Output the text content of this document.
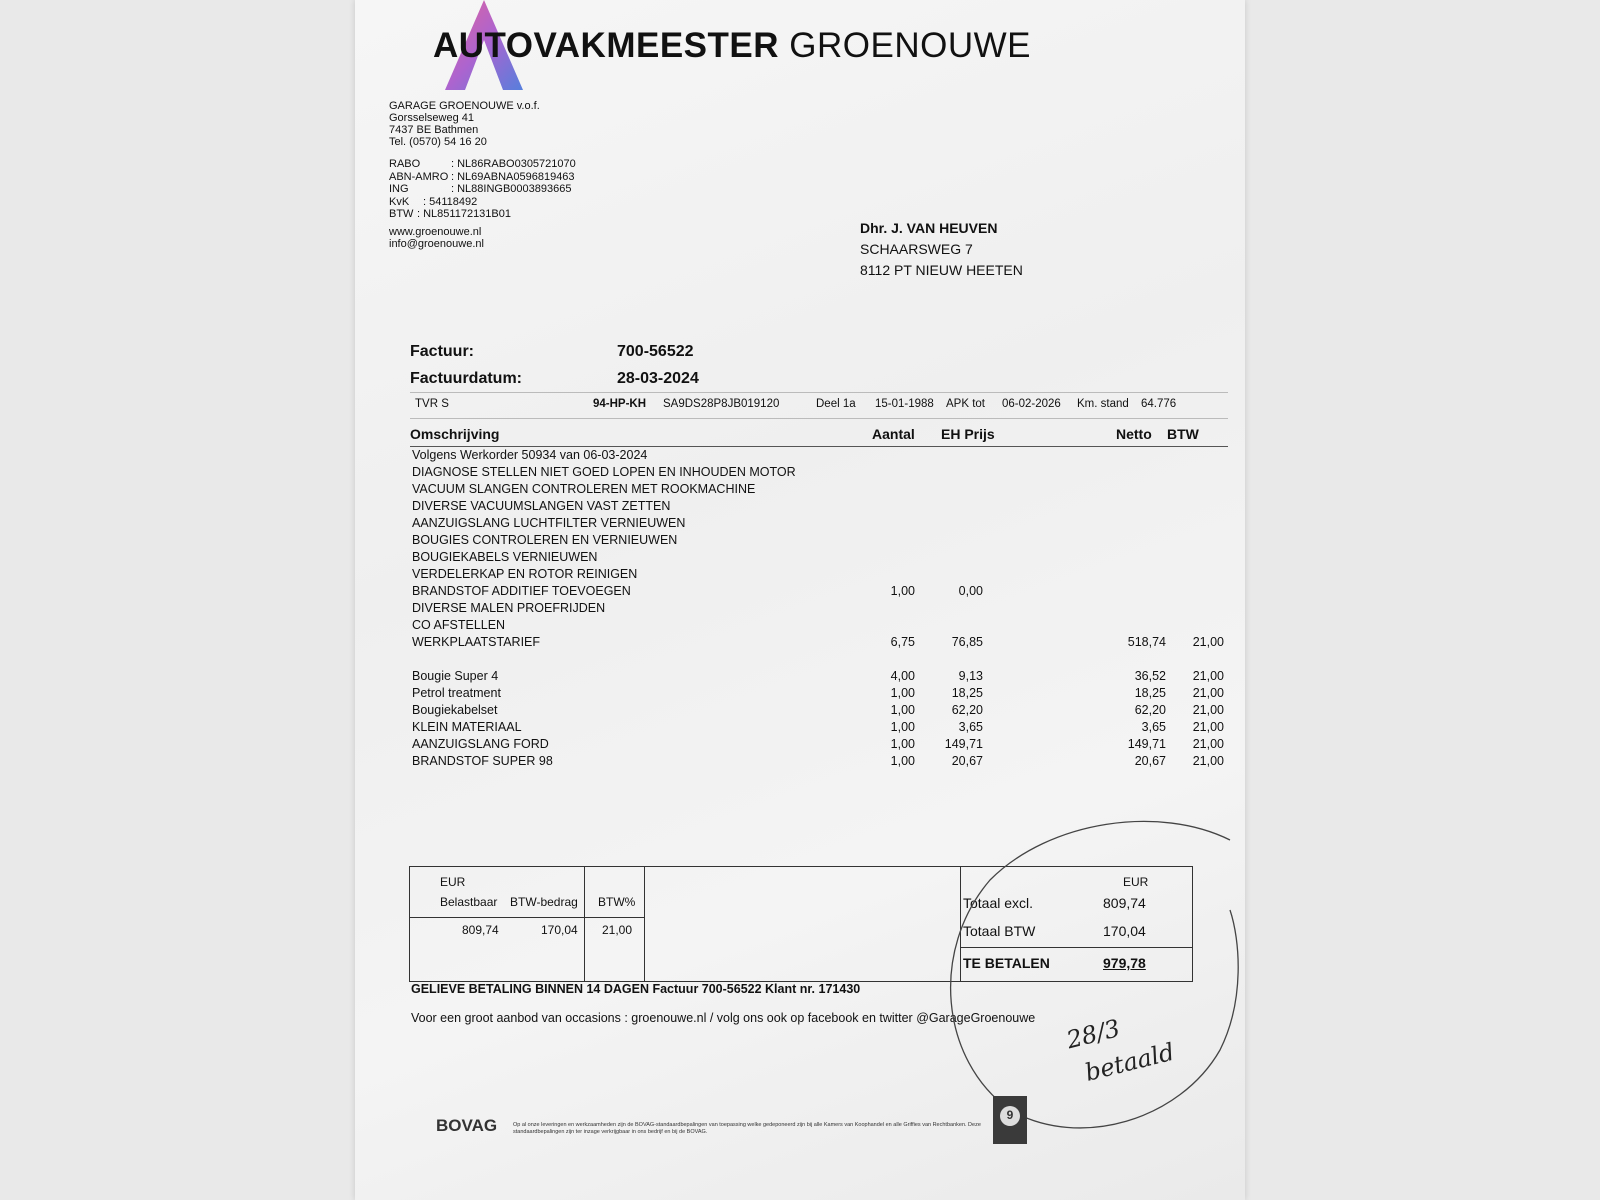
AUTOVAKMEESTER GROENOUWE
GARAGE GROENOUWE v.o.f.
Gorsselseweg 41
7437 BE Bathmen
Tel. (0570) 54 16 20
RABO	: NL86RABO0305721070
ABN-AMRO : NL69ABNA0596819463
ING	: NL88INGB0003893665
KvK	: 54118492
BTW : NL851172131B01
www.groenouwe.nl
info@groenouwe.nl
Dhr. J. VAN HEUVEN
SCHAARSWEG 7
8112 PT NIEUW HEETEN
Factuur:	700-56522
Factuurdatum:	28-03-2024
TVR S	94-HP-KH SA9DS28P8JB019120	Deel 1a 15-01-1988 APK tot 06-02-2026 Km. stand 64.776
Omschrijving	Aantal EH Prijs	Netto BTW
Volgens Werkorder 50934 van 06-03-2024
DIAGNOSE STELLEN NIET GOED LOPEN EN INHOUDEN MOTOR
VACUUM SLANGEN CONTROLEREN MET ROOKMACHINE
DIVERSE VACUUMSLANGEN VAST ZETTEN
AANZUIGSLANG LUCHTFILTER VERNIEUWEN
BOUGIES CONTROLEREN EN VERNIEUWEN
BOUGIEKABELS VERNIEUWEN
VERDELERKAP EN ROTOR REINIGEN
BRANDSTOF ADDITIEF TOEVOEGEN	1,00	0,00
DIVERSE MALEN PROEFRIJDEN
CO AFSTELLEN
WERKPLAATSTARIEF	6,75	76,85	518,74	21,00
Bougie Super 4	4,00	9,13	36,52	21,00
Petrol treatment	1,00	18,25	18,25	21,00
Bougiekabelset	1,00	62,20	62,20	21,00
KLEIN MATERIAAL	1,00	3,65	3,65	21,00
AANZUIGSLANG FORD	1,00	149,71	149,71	21,00
BRANDSTOF SUPER 98	1,00	20,67	20,67	21,00
EUR
Belastbaar BTW-bedrag BTW%
809,74	170,04 21,00
EUR
Totaal excl.	809,74
Totaal BTW	170,04
TE BETALEN	979,78
GELIEVE BETALING BINNEN 14 DAGEN Factuur 700-56522 Klant nr. 171430
Voor een groot aanbod van occasions : groenouwe.nl / volg ons ook op facebook en twitter @GarageGroenouwe 28/3
betaald
BOVAG	Op al onze leveringen en werkzaamheden zijn de BOVAG-standaardbepalingen van toepassing welke gedeponeerd zijn bij alle Kamers van Koophandel en alle Griffies van Rechtbanken. Deze standaardbepalingen zijn ter inzage verkrijgbaar in ons bedrijf en bij de BOVAG.
9
